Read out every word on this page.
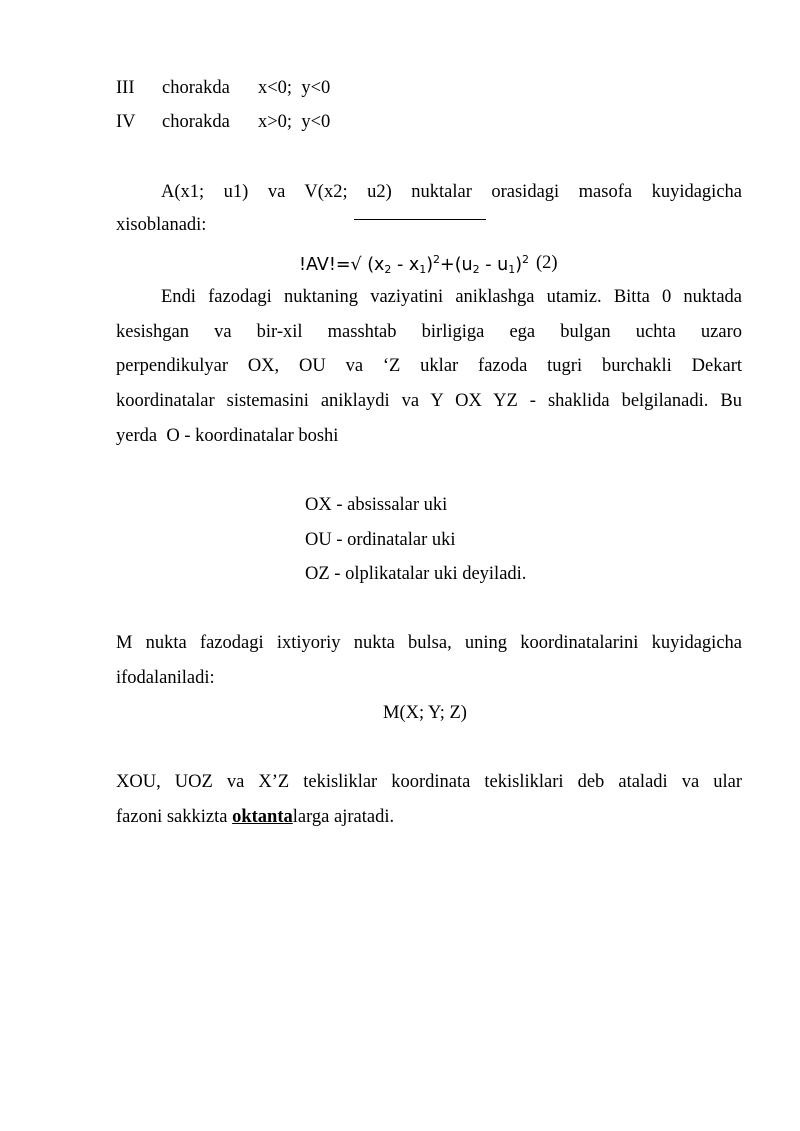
III chorakda x<0;  y<0
IV chorakda x>0;  y<0
A(x1; u1) va V(x2; u2) nuktalar orasidagi masofa kuyidagicha
xisoblanadi:
!AV!=√ $(x_2 - x_1)^2+(u_2 - u_1)^2$ (2)
Endi fazodagi nuktaning vaziyatini aniklashga utamiz. Bitta 0 nuktada
kesishgan va bir-xil masshtab birligiga ega bulgan uchta uzaro
perpendikulyar OX, OU va ‘Z uklar fazoda tugri burchakli Dekart
koordinatalar sistemasini aniklaydi va Y OX YZ - shaklida belgilanadi. Bu
yerda  O - koordinatalar boshi
OX - absissalar uki
OU - ordinatalar uki
OZ - olplikatalar uki deyiladi.
M nukta fazodagi ixtiyoriy nukta bulsa, uning koordinatalarini kuyidagicha
ifodalaniladi:
M(X; Y; Z)
XOU, UOZ va X’Z tekisliklar koordinata tekisliklari deb ataladi va ular
fazoni sakkizta oktantalarga ajratadi.
